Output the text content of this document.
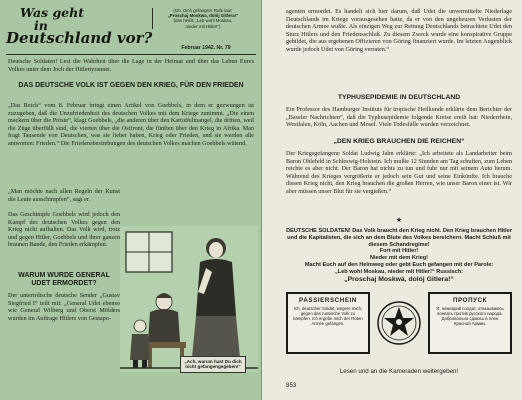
Was geht
in
Deutschland vor?
(Gb. Dich gefangen! Rufe laut:
„Proschaj Moskwa, dolój Gitlera!“
(das heißt: „Leb wohl Moskau,
nieder mit Hitler!“)
Februar 1942. Nr. 79

Deutsche Soldaten! Lest die Wahrheit über die Lage in der Heimat und über das Leben Eures Volkes unter dem Joch der Hitlertyrannei.

DAS DEUTSCHE VOLK IST GEGEN DEN KRIEG, FÜR DEN FRIEDEN

„Das Reich“ vom 8. Februar bringt einen Artikel von Goebbels, in dem er gezwungen ist zuzugeben, daß die Unzufriedenheit des deutschen Volkes mit dem Kriege zunimmt. „Die einen meckern über die Pröste“, klagt Goebbels, „die anderen über den Kartoffelmangel, die dritten, weil die Züge überfüllt sind, die vierten über die Ostfront, die fünften über den Krieg in Afrika. Man fragt Tausende von Deutschen, was sie lieber haben, Krieg oder Frieden, und sie werden alle antworten: Frieden.“ Die Friedensbestrebungen des deutschen Volkes machen Goebbels wütend.

„Man möchte nach allen Regeln der Kunst die Leute ausschimpfen“, sagt er.

Das Geschimpfe Goebbels wird jedoch den Kampf des deutschen Volkes gegen den Krieg nicht aufhalten. Das Volk wird, trotz und gegen Hitler, Goebbels und ihrer ganzen braunen Bande, den Frieden erkämpfen.

WARUM WURDE GENERAL UDET ERMORDET?

Der unterirdische deutsche Sender „Gustav Siegfried I“ teilt mit: „General Udet ebenso wie General Wilberg und Oberst Mölders wurden im Auftrage Hitlers von Gestapo-

„Ach, warum hast Du dich nicht gefangengegeben!“

agenten ermordet. Es handelt sich hier darum, daß Udet die unvermittelte Niederlage Deutschlands im Kriege vorausgesehen hatte, da er von den ungeheuren Verlusten der deutschen Armee wußte. Als einzigen Weg zur Rettung Deutschlands betrachtete Udet den Sturz Hitlers und den Friedensschluß. Zu diesem Zweck wurde eine konspirative Gruppe gebildet, die aus ergebenen Offizieren von Göring finanziert wurde. Im letzten Augenblick wurde jedoch Udet von Göring verraten.“

TYPHUSEPIDEMIE IN DEUTSCHLAND

Ein Professor des Hamburger Instituts für tropische Heilkunde erklärte dem Berichter der „Baseler Nachrichten“, daß die Typhusepidemie folgende Kreise ereilt hat: Niederrhein, Westfalen, Köln, Aachen und Mosel. Viele Todesfälle wurden verzeichnet.

„DEN KRIEG BRAUCHEN DIE REICHEN“

Der Kriegsgefangene Soldat Ludwig Jahn erklärte: „Ich arbeitete als Landarbeiter beim Baron Ohlefeld in Schleswig-Holstein. Ich mußte 12 Stunden am Tag schuften, zum Leben reichte es aber nicht. Der Baron hat nichts zu tun und fuhr nur mit seinem Auto herum. Während des Krieges vergrößerte er jedoch sein Gut und seine Einkünfte. Ich brauche diesen Krieg nicht, den Krieg brauchen die großen Herren, wie unser Baron einer ist. Wir aber müssen unser Blut für sie vergießen.“

★
DEUTSCHE SOLDATEN! Das Volk braucht den Krieg nicht. Den Krieg brauchen Hitler und die Kapitalisten, die sich an dem Blute des Volkes bereichern. Macht Schluß mit diesem Schandregime!
Fort mit Hitler!
Nieder mit dem Krieg!
Macht Euch auf den Heimweg oder gebt Euch gefangen mit der Parole:
„Leb wohl Moskau, nieder mit Hitler!“ Russisch:
„Proschaj Moskwá, dolój Gitlera!“
PASSIERSCHEIN
Ich, deutscher Soldat, wegere mich, gegen das russische Volk zu kämpfen. Ich ergebe mich der Roten Armee gefangen.
ПРОПУСК
Я, немецкий солдат, отказываюсь воевать против русского народа. Добровольно сдаюсь в плен Красной Армии.
Lesen und an die Kameraden weitergeben!
853
